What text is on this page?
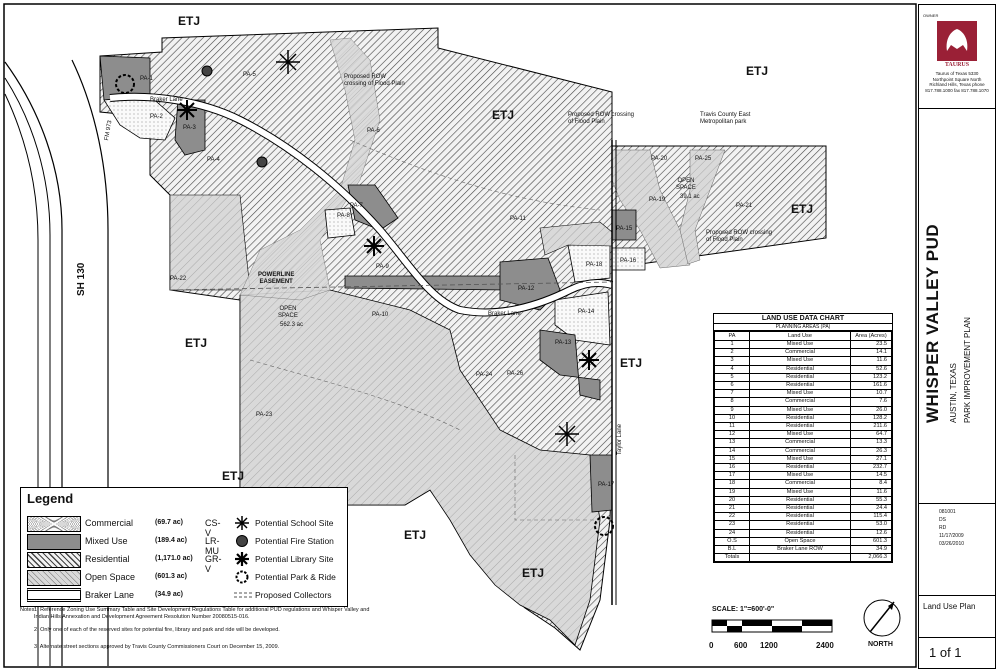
ETJ
ETJ
ETJ
ETJ
ETJ
ETJ
ETJ
ETJ
ETJ
SH 130
FM 973
Braker Lane
Braker Lane
Taylor Lane
POWERLINE
EASEMENT
OPEN
SPACE
562.3 ac
OPEN
SPACE
39.1 ac
Proposed ROW crossing of Flood Plain
Proposed ROW crossing of Flood Plain
Proposed ROW crossing of Flood Plain
Travis County East Metropolitan park
PA-1
PA-2
PA-3
PA-4
PA-5
PA-6
PA-7
PA-8
PA-9
PA-10
PA-11
PA-12
PA-13
PA-14
PA-15
PA-16
PA-17
PA-18
PA-19
PA-20
PA-21
PA-22
PA-23
PA-24
PA-25
PA-26
Legend
Commercial	(69.7 ac)	CS-V
Mixed Use	(189.4 ac)	LR-MU
Residential	(1,171.0 ac)	GR-V
Open Space	(601.3 ac)
Braker Lane	(34.9 ac)
Potential School Site
Potential Fire Station
Potential Library Site
Potential Park & Ride
Proposed Collectors
LAND USE DATA CHART
PLANNING AREAS (PA)
PA	Land Use	Area (Acres)
1	Mixed Use	23.5
2	Commercial	14.1
3	Mixed Use	11.6
4	Residential	52.6
5	Residential	123.2
6	Residential	161.6
7	Mixed Use	10.7
8	Commercial	7.6
9	Mixed Use	26.0
10	Residential	128.2
11	Residential	211.6
12	Mixed Use	64.7
13	Commercial	13.3
14	Commercial	26.3
15	Mixed Use	27.1
16	Residential	232.7
17	Mixed Use	14.5
18	Commercial	8.4
19	Mixed Use	11.6
20	Residential	55.3
21	Residential	24.4
22	Residential	115.4
23	Residential	53.0
24	Residential	12.6
O.S	Open Space	601.3
B.L	Braker Lane ROW	34.9
Totals		2,066.3
Notes:
1. Reference Zoning Use Summary Table and Site Development Regulations Table for additional PUD regulations and Whisper Valley and Indian Hills Annexation and Development Agreement Resolution Number 20080515-016.
2. Only one of each of the reserved sites for potential fire, library and park and ride will be developed.
3. Alternate street sections approved by Travis County Commissioners Court on December 15, 2009.
SCALE: 1"=600'-0"
0	600 1200	2400	NORTH
OWNER
TAURUS
Taurus of Texas 5330 Northpoint Square North Richland Hills, Texas phone 817.788.1000 fax 817.788.1070
WHISPER VALLEY PUD AUSTIN, TEXAS PARK IMPROVEMENT PLAN
081001
DS
RD
11/17/2009
03/26/2010
Land Use Plan
1 of 1
